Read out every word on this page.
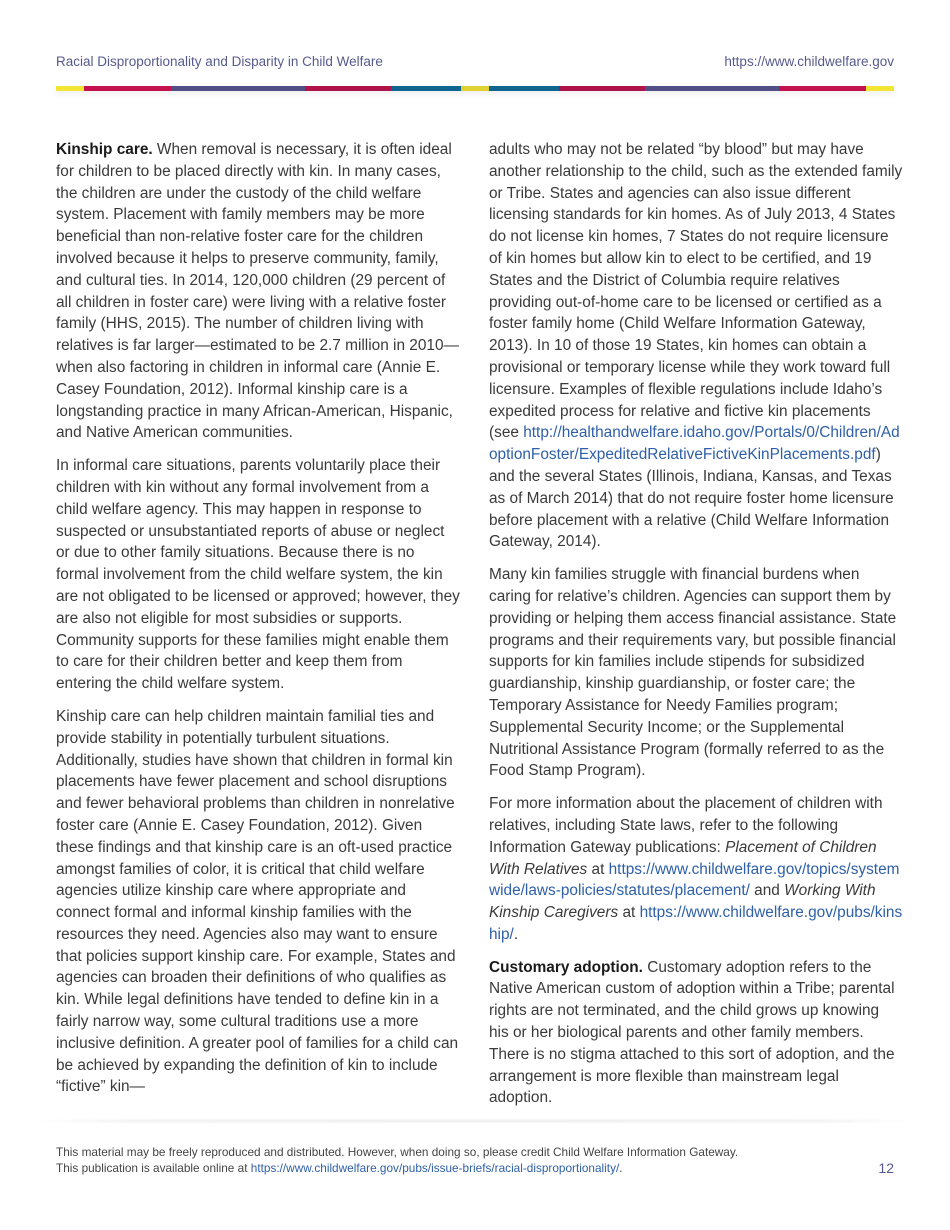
Racial Disproportionality and Disparity in Child Welfare	https://www.childwelfare.gov

Kinship care. When removal is necessary, it is often ideal for children to be placed directly with kin. In many cases, the children are under the custody of the child welfare system. Placement with family members may be more beneficial than non-relative foster care for the children involved because it helps to preserve community, family, and cultural ties. In 2014, 120,000 children (29 percent of all children in foster care) were living with a relative foster family (HHS, 2015). The number of children living with relatives is far larger—estimated to be 2.7 million in 2010—when also factoring in children in informal care (Annie E. Casey Foundation, 2012). Informal kinship care is a longstanding practice in many African-American, Hispanic, and Native American communities.

In informal care situations, parents voluntarily place their children with kin without any formal involvement from a child welfare agency. This may happen in response to suspected or unsubstantiated reports of abuse or neglect or due to other family situations. Because there is no formal involvement from the child welfare system, the kin are not obligated to be licensed or approved; however, they are also not eligible for most subsidies or supports. Community supports for these families might enable them to care for their children better and keep them from entering the child welfare system.

Kinship care can help children maintain familial ties and provide stability in potentially turbulent situations. Additionally, studies have shown that children in formal kin placements have fewer placement and school disruptions and fewer behavioral problems than children in nonrelative foster care (Annie E. Casey Foundation, 2012). Given these findings and that kinship care is an oft-used practice amongst families of color, it is critical that child welfare agencies utilize kinship care where appropriate and connect formal and informal kinship families with the resources they need. Agencies also may want to ensure that policies support kinship care. For example, States and agencies can broaden their definitions of who qualifies as kin. While legal definitions have tended to define kin in a fairly narrow way, some cultural traditions use a more inclusive definition. A greater pool of families for a child can be achieved by expanding the definition of kin to include “fictive” kin—

adults who may not be related “by blood” but may have another relationship to the child, such as the extended family or Tribe. States and agencies can also issue different licensing standards for kin homes. As of July 2013, 4 States do not license kin homes, 7 States do not require licensure of kin homes but allow kin to elect to be certified, and 19 States and the District of Columbia require relatives providing out-of-home care to be licensed or certified as a foster family home (Child Welfare Information Gateway, 2013). In 10 of those 19 States, kin homes can obtain a provisional or temporary license while they work toward full licensure. Examples of flexible regulations include Idaho’s expedited process for relative and fictive kin placements (see http://healthandwelfare.idaho.gov/Portals/0/Children/AdoptionFoster/ExpeditedRelativeFictiveKinPlacements.pdf) and the several States (Illinois, Indiana, Kansas, and Texas as of March 2014) that do not require foster home licensure before placement with a relative (Child Welfare Information Gateway, 2014).

Many kin families struggle with financial burdens when caring for relative’s children. Agencies can support them by providing or helping them access financial assistance. State programs and their requirements vary, but possible financial supports for kin families include stipends for subsidized guardianship, kinship guardianship, or foster care; the Temporary Assistance for Needy Families program; Supplemental Security Income; or the Supplemental Nutritional Assistance Program (formally referred to as the Food Stamp Program).

For more information about the placement of children with relatives, including State laws, refer to the following Information Gateway publications: Placement of Children With Relatives at https://www.childwelfare.gov/topics/systemwide/laws-policies/statutes/placement/ and Working With Kinship Caregivers at https://www.childwelfare.gov/pubs/kinship/.

Customary adoption. Customary adoption refers to the Native American custom of adoption within a Tribe; parental rights are not terminated, and the child grows up knowing his or her biological parents and other family members. There is no stigma attached to this sort of adoption, and the arrangement is more flexible than mainstream legal adoption.

This material may be freely reproduced and distributed. However, when doing so, please credit Child Welfare Information Gateway.
This publication is available online at https://www.childwelfare.gov/pubs/issue-briefs/racial-disproportionality/.	12
